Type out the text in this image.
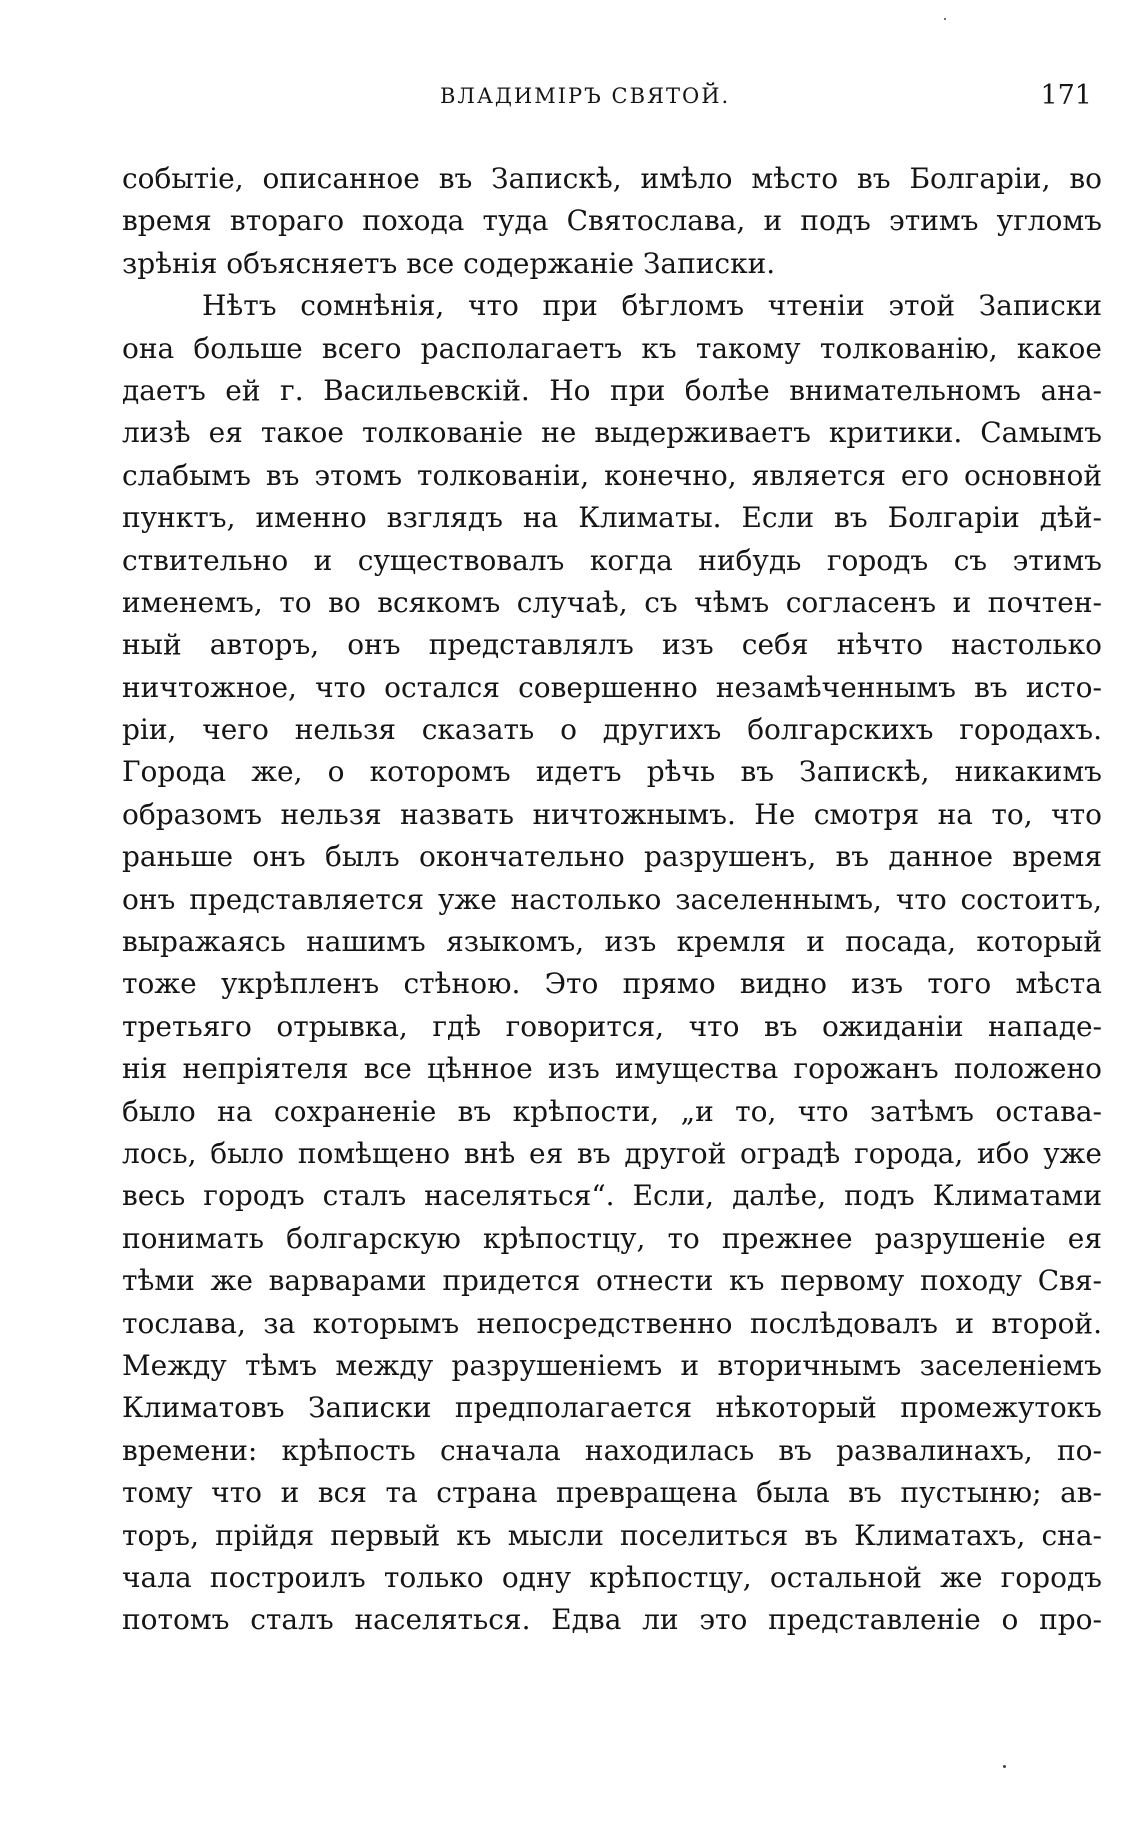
ВЛАДИМІРЪ СВЯТОЙ.	171
событіе, описанное въ Запискѣ, имѣло мѣсто въ Болгаріи, во
время втораго похода туда Святослава, и подъ этимъ угломъ
зрѣнія объясняетъ все содержаніе Записки.
Нѣтъ сомнѣнія, что при бѣгломъ чтеніи этой Записки
она больше всего располагаетъ къ такому толкованію, какое
даетъ ей г. Васильевскій. Но при болѣе внимательномъ ана-
лизѣ ея такое толкованіе не выдерживаетъ критики. Самымъ
слабымъ въ этомъ толкованіи, конечно, является его основной
пунктъ, именно взглядъ на Климаты. Если въ Болгаріи дѣй-
ствительно и существовалъ когда нибудь городъ съ этимъ
именемъ, то во всякомъ случаѣ, съ чѣмъ согласенъ и почтен-
ный авторъ, онъ представлялъ изъ себя нѣчто настолько
ничтожное, что остался совершенно незамѣченнымъ въ исто-
ріи, чего нельзя сказать о другихъ болгарскихъ городахъ.
Города же, о которомъ идетъ рѣчь въ Запискѣ, никакимъ
образомъ нельзя назвать ничтожнымъ. Не смотря на то, что
раньше онъ былъ окончательно разрушенъ, въ данное время
онъ представляется уже настолько заселеннымъ, что состоитъ,
выражаясь нашимъ языкомъ, изъ кремля и посада, который
тоже укрѣпленъ стѣною. Это прямо видно изъ того мѣста
третьяго отрывка, гдѣ говорится, что въ ожиданіи нападе-
нія непріятеля все цѣнное изъ имущества горожанъ положено
было на сохраненіе въ крѣпости, „и то, что затѣмъ остава-
лось, было помѣщено внѣ ея въ другой оградѣ города, ибо уже
весь городъ сталъ населяться“. Если, далѣе, подъ Климатами
понимать болгарскую крѣпостцу, то прежнее разрушеніе ея
тѣми же варварами придется отнести къ первому походу Свя-
тослава, за которымъ непосредственно послѣдовалъ и второй.
Между тѣмъ между разрушеніемъ и вторичнымъ заселеніемъ
Климатовъ Записки предполагается нѣкоторый промежутокъ
времени: крѣпость сначала находилась въ развалинахъ, по-
тому что и вся та страна превращена была въ пустыню; ав-
торъ, прійдя первый къ мысли поселиться въ Климатахъ, сна-
чала построилъ только одну крѣпостцу, остальной же городъ
потомъ сталъ населяться. Едва ли это представленіе о про-
